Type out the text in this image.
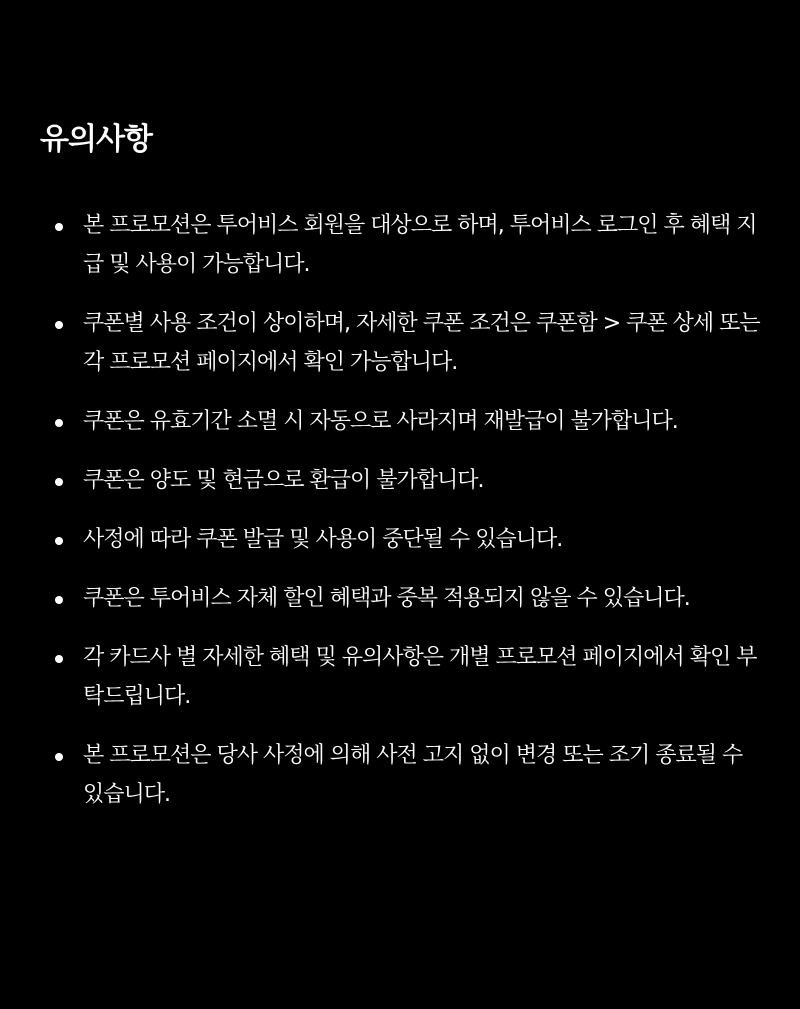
유의사항
본 프로모션은 투어비스 회원을 대상으로 하며, 투어비스 로그인 후 혜택 지급 및 사용이 가능합니다.
쿠폰별 사용 조건이 상이하며, 자세한 쿠폰 조건은 쿠폰함 > 쿠폰 상세 또는 각 프로모션 페이지에서 확인 가능합니다.
쿠폰은 유효기간 소멸 시 자동으로 사라지며 재발급이 불가합니다.
쿠폰은 양도 및 현금으로 환급이 불가합니다.
사정에 따라 쿠폰 발급 및 사용이 중단될 수 있습니다.
쿠폰은 투어비스 자체 할인 혜택과 중복 적용되지 않을 수 있습니다.
각 카드사 별 자세한 혜택 및 유의사항은 개별 프로모션 페이지에서 확인 부탁드립니다.
본 프로모션은 당사 사정에 의해 사전 고지 없이 변경 또는 조기 종료될 수 있습니다.
